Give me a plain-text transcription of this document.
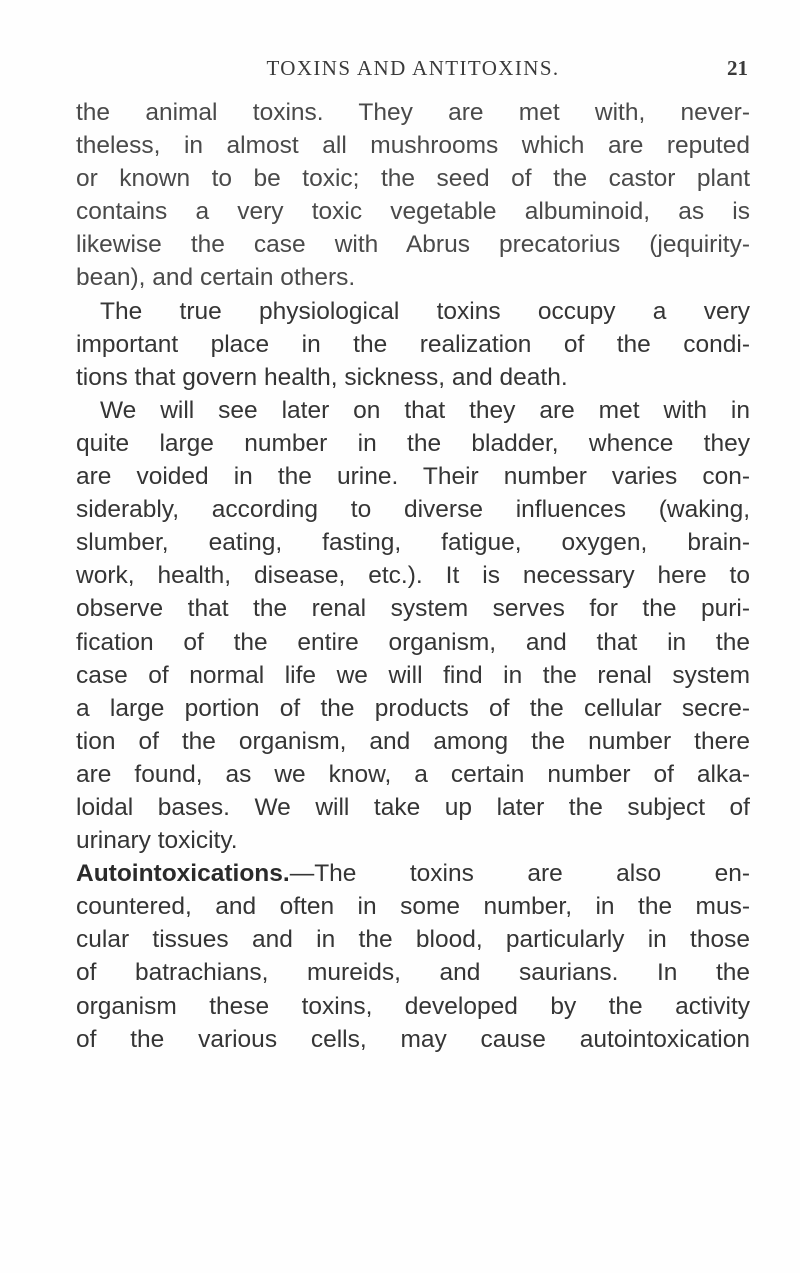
TOXINS AND ANTITOXINS.	21
the animal toxins. They are met with, never-
theless, in almost all mushrooms which are reputed
or known to be toxic; the seed of the castor plant
contains a very toxic vegetable albuminoid, as is
likewise the case with Abrus precatorius (jequirity-
bean), and certain others.
The true physiological toxins occupy a very
important place in the realization of the condi-
tions that govern health, sickness, and death.
We will see later on that they are met with in
quite large number in the bladder, whence they
are voided in the urine. Their number varies con-
siderably, according to diverse influences (waking,
slumber, eating, fasting, fatigue, oxygen, brain-
work, health, disease, etc.). It is necessary here to
observe that the renal system serves for the puri-
fication of the entire organism, and that in the
case of normal life we will find in the renal system
a large portion of the products of the cellular secre-
tion of the organism, and among the number there
are found, as we know, a certain number of alka-
loidal bases. We will take up later the subject of
urinary toxicity.
Autointoxications.—The toxins are also en-
countered, and often in some number, in the mus-
cular tissues and in the blood, particularly in those
of batrachians, mureids, and saurians. In the
organism these toxins, developed by the activity
of the various cells, may cause autointoxication
